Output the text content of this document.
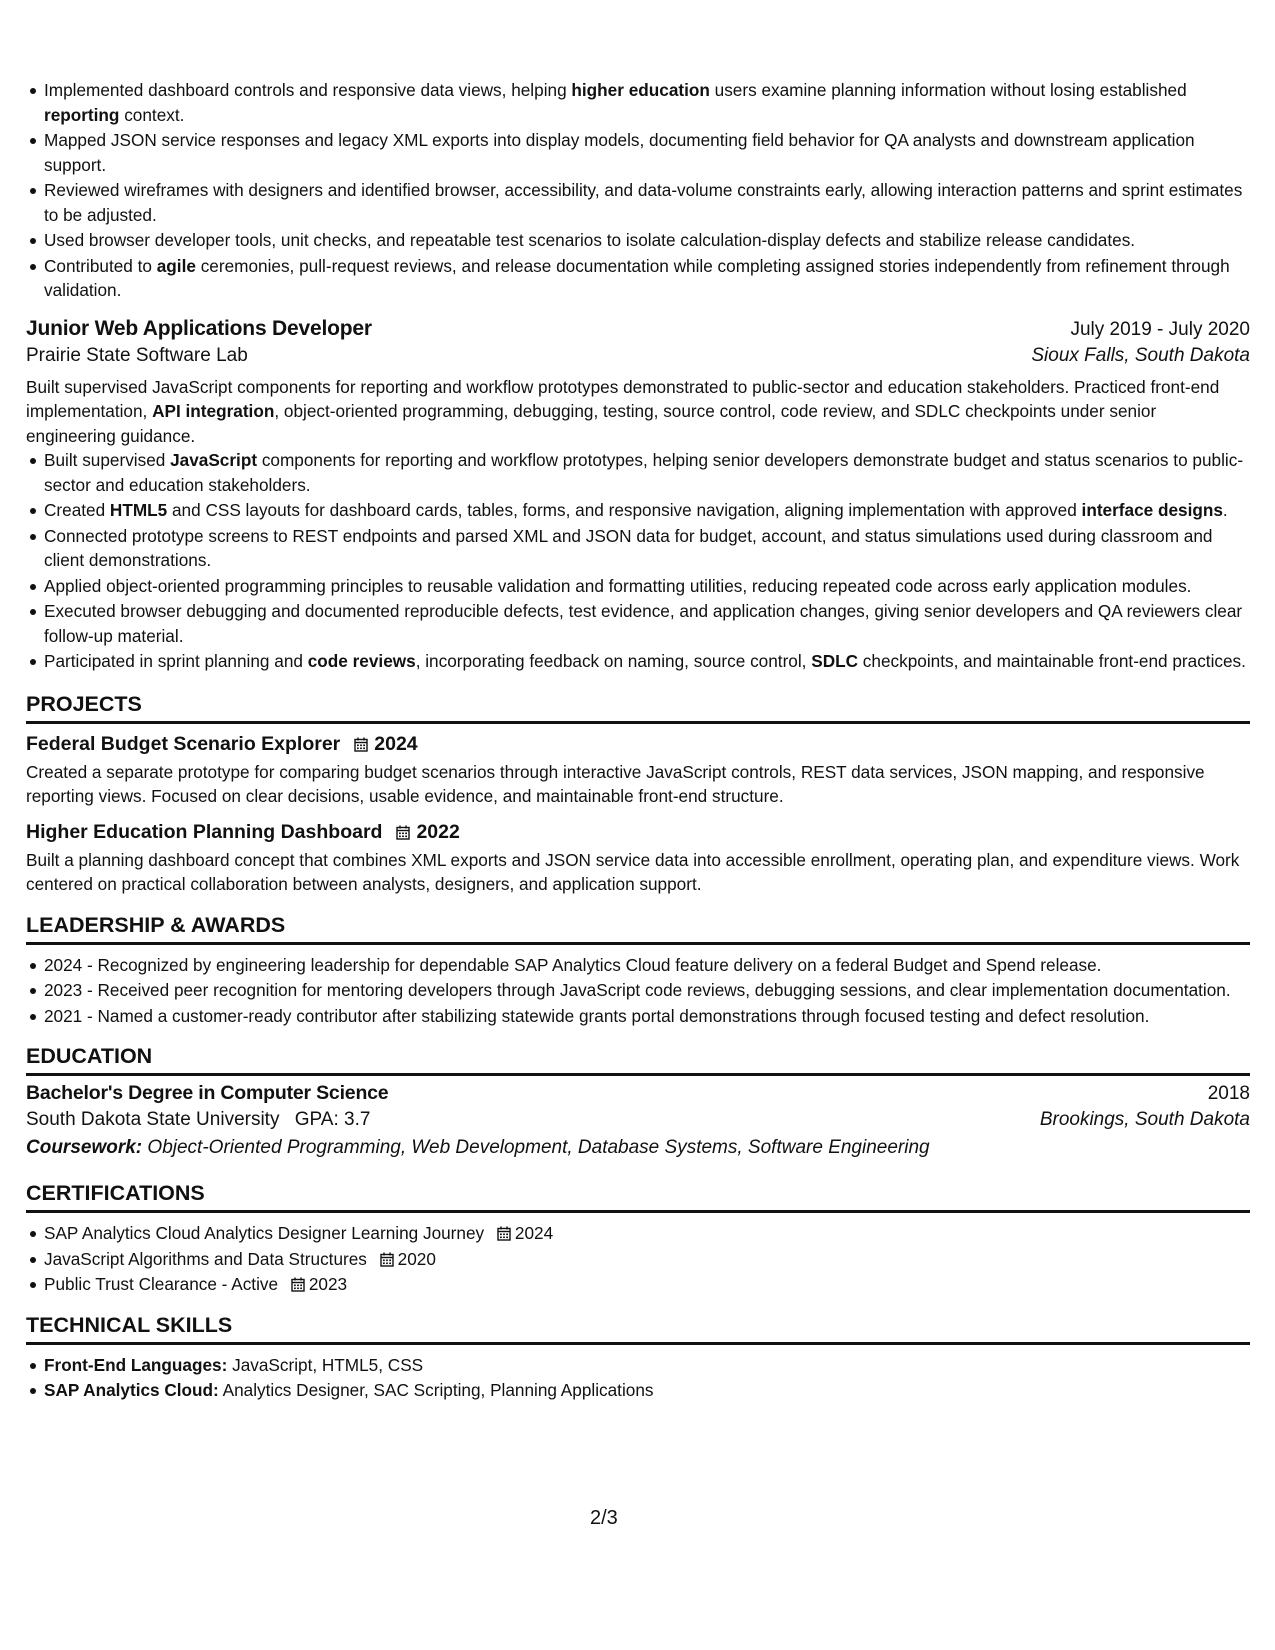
Implemented dashboard controls and responsive data views, helping higher education users examine planning information without losing established reporting context.
Mapped JSON service responses and legacy XML exports into display models, documenting field behavior for QA analysts and downstream application support.
Reviewed wireframes with designers and identified browser, accessibility, and data-volume constraints early, allowing interaction patterns and sprint estimates to be adjusted.
Used browser developer tools, unit checks, and repeatable test scenarios to isolate calculation-display defects and stabilize release candidates.
Contributed to agile ceremonies, pull-request reviews, and release documentation while completing assigned stories independently from refinement through validation.
Junior Web Applications Developer	July 2019 - July 2020
Prairie State Software Lab	Sioux Falls, South Dakota

Built supervised JavaScript components for reporting and workflow prototypes demonstrated to public-sector and education stakeholders. Practiced front-end implementation, API integration, object-oriented programming, debugging, testing, source control, code review, and SDLC checkpoints under senior engineering guidance.

Built supervised JavaScript components for reporting and workflow prototypes, helping senior developers demonstrate budget and status scenarios to public-sector and education stakeholders.
Created HTML5 and CSS layouts for dashboard cards, tables, forms, and responsive navigation, aligning implementation with approved interface designs.
Connected prototype screens to REST endpoints and parsed XML and JSON data for budget, account, and status simulations used during classroom and client demonstrations.
Applied object-oriented programming principles to reusable validation and formatting utilities, reducing repeated code across early application modules.
Executed browser debugging and documented reproducible defects, test evidence, and application changes, giving senior developers and QA reviewers clear follow-up material.
Participated in sprint planning and code reviews, incorporating feedback on naming, source control, SDLC checkpoints, and maintainable front-end practices.
PROJECTS
Federal Budget Scenario Explorer 2024

Created a separate prototype for comparing budget scenarios through interactive JavaScript controls, REST data services, JSON mapping, and responsive reporting views. Focused on clear decisions, usable evidence, and maintainable front-end structure.

Higher Education Planning Dashboard 2022

Built a planning dashboard concept that combines XML exports and JSON service data into accessible enrollment, operating plan, and expenditure views. Work centered on practical collaboration between analysts, designers, and application support.

LEADERSHIP & AWARDS
2024 - Recognized by engineering leadership for dependable SAP Analytics Cloud feature delivery on a federal Budget and Spend release.
2023 - Received peer recognition for mentoring developers through JavaScript code reviews, debugging sessions, and clear implementation documentation.
2021 - Named a customer-ready contributor after stabilizing statewide grants portal demonstrations through focused testing and defect resolution.
EDUCATION
Bachelor's Degree in Computer Science	2018
South Dakota State University GPA: 3.7	Brookings, South Dakota
Coursework: Object-Oriented Programming, Web Development, Database Systems, Software Engineering
CERTIFICATIONS
SAP Analytics Cloud Analytics Designer Learning Journey 2024
JavaScript Algorithms and Data Structures 2020
Public Trust Clearance - Active 2023
TECHNICAL SKILLS
Front-End Languages: JavaScript, HTML5, CSS
SAP Analytics Cloud: Analytics Designer, SAC Scripting, Planning Applications
2/3
